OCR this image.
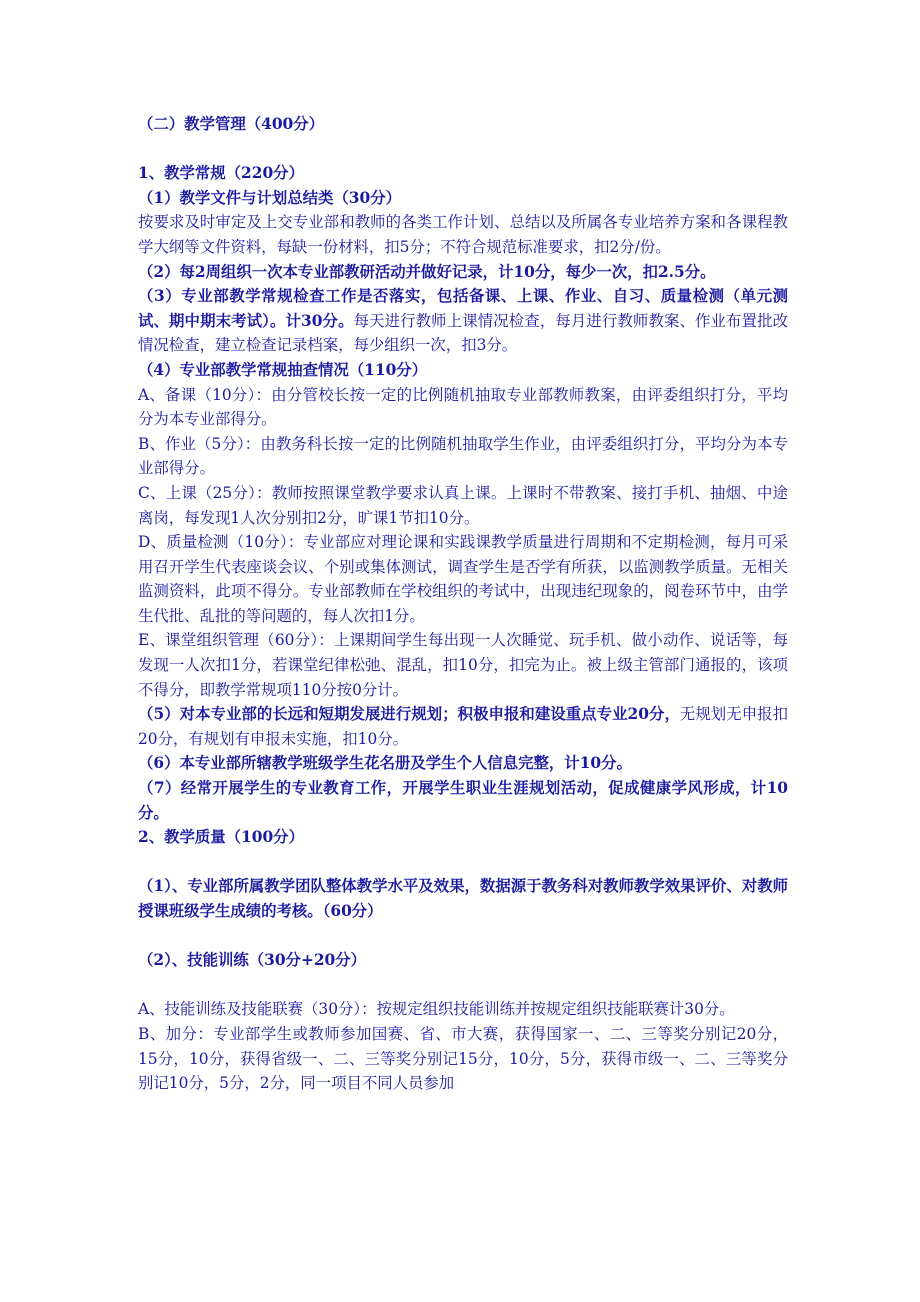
（二）教学管理（400分）
1、教学常规（220分）
（1）教学文件与计划总结类（30分）
按要求及时审定及上交专业部和教师的各类工作计划、总结以及所属各专业培养方案和各课程教学大纲等文件资料，每缺一份材料，扣5分；不符合规范标准要求，扣2分/份。
（2）每2周组织一次本专业部教研活动并做好记录，计10分，每少一次，扣2.5分。
（3）专业部教学常规检查工作是否落实，包括备课、上课、作业、自习、质量检测（单元测试、期中期末考试）。计30分。每天进行教师上课情况检查，每月进行教师教案、作业布置批改情况检查，建立检查记录档案，每少组织一次，扣3分。
（4）专业部教学常规抽查情况（110分）
A、备课（10分）：由分管校长按一定的比例随机抽取专业部教师教案，由评委组织打分，平均分为本专业部得分。
B、作业（5分）：由教务科长按一定的比例随机抽取学生作业，由评委组织打分，平均分为本专业部得分。
C、上课（25分）：教师按照课堂教学要求认真上课。上课时不带教案、接打手机、抽烟、中途离岗，每发现1人次分别扣2分，旷课1节扣10分。
D、质量检测（10分）：专业部应对理论课和实践课教学质量进行周期和不定期检测，每月可采用召开学生代表座谈会议、个别或集体测试，调查学生是否学有所获，以监测教学质量。无相关监测资料，此项不得分。专业部教师在学校组织的考试中，出现违纪现象的，阅卷环节中，由学生代批、乱批的等问题的，每人次扣1分。
E、课堂组织管理（60分）：上课期间学生每出现一人次睡觉、玩手机、做小动作、说话等，每发现一人次扣1分，若课堂纪律松弛、混乱，扣10分，扣完为止。被上级主管部门通报的，该项不得分，即教学常规项110分按0分计。
（5）对本专业部的长远和短期发展进行规划；积极申报和建设重点专业20分，无规划无申报扣20分，有规划有申报未实施，扣10分。
（6）本专业部所辖教学班级学生花名册及学生个人信息完整，计10分。
（7）经常开展学生的专业教育工作，开展学生职业生涯规划活动，促成健康学风形成，计10分。
2、教学质量（100分）
（1）、专业部所属教学团队整体教学水平及效果，数据源于教务科对教师教学效果评价、对教师授课班级学生成绩的考核。（60分）
（2）、技能训练（30分+20分）
A、技能训练及技能联赛（30分）：按规定组织技能训练并按规定组织技能联赛计30分。
B、加分：专业部学生或教师参加国赛、省、市大赛，获得国家一、二、三等奖分别记20分，15分，10分，获得省级一、二、三等奖分别记15分，10分，5分，获得市级一、二、三等奖分别记10分，5分，2分，同一项目不同人员参加
